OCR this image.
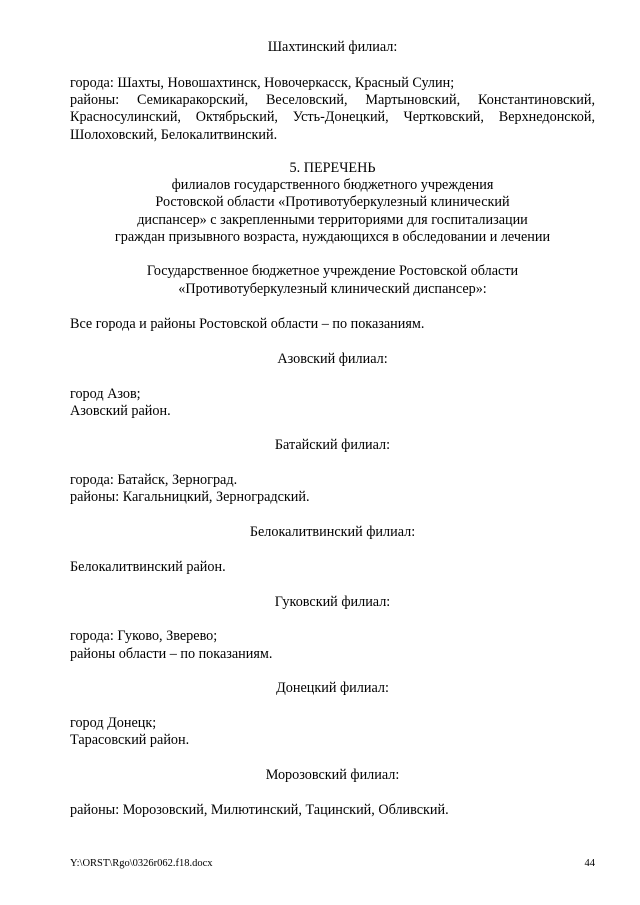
Шахтинский филиал:
города: Шахты, Новошахтинск, Новочеркасск, Красный Сулин;
районы: Семикаракорский, Веселовский, Мартыновский, Константиновский, Красносулинский, Октябрьский, Усть-Донецкий, Чертковский, Верхнедонской, Шолоховский, Белокалитвинский.
5. ПЕРЕЧЕНЬ
филиалов государственного бюджетного учреждения
Ростовской области «Противотуберкулезный клинический
диспансер» с закрепленными территориями для госпитализации
граждан призывного возраста, нуждающихся в обследовании и лечении
Государственное бюджетное учреждение Ростовской области
«Противотуберкулезный клинический диспансер»:
Все города и районы Ростовской области – по показаниям.
Азовский филиал:
город Азов;
Азовский район.
Батайский филиал:
города: Батайск, Зерноград.
районы: Кагальницкий, Зерноградский.
Белокалитвинский филиал:
Белокалитвинский район.
Гуковский филиал:
города: Гуково, Зверево;
районы области – по показаниям.
Донецкий филиал:
город Донецк;
Тарасовский район.
Морозовский филиал:
районы: Морозовский, Милютинский, Тацинский, Обливский.
Y:\ORST\Rgo\0326r062.f18.docx	44
